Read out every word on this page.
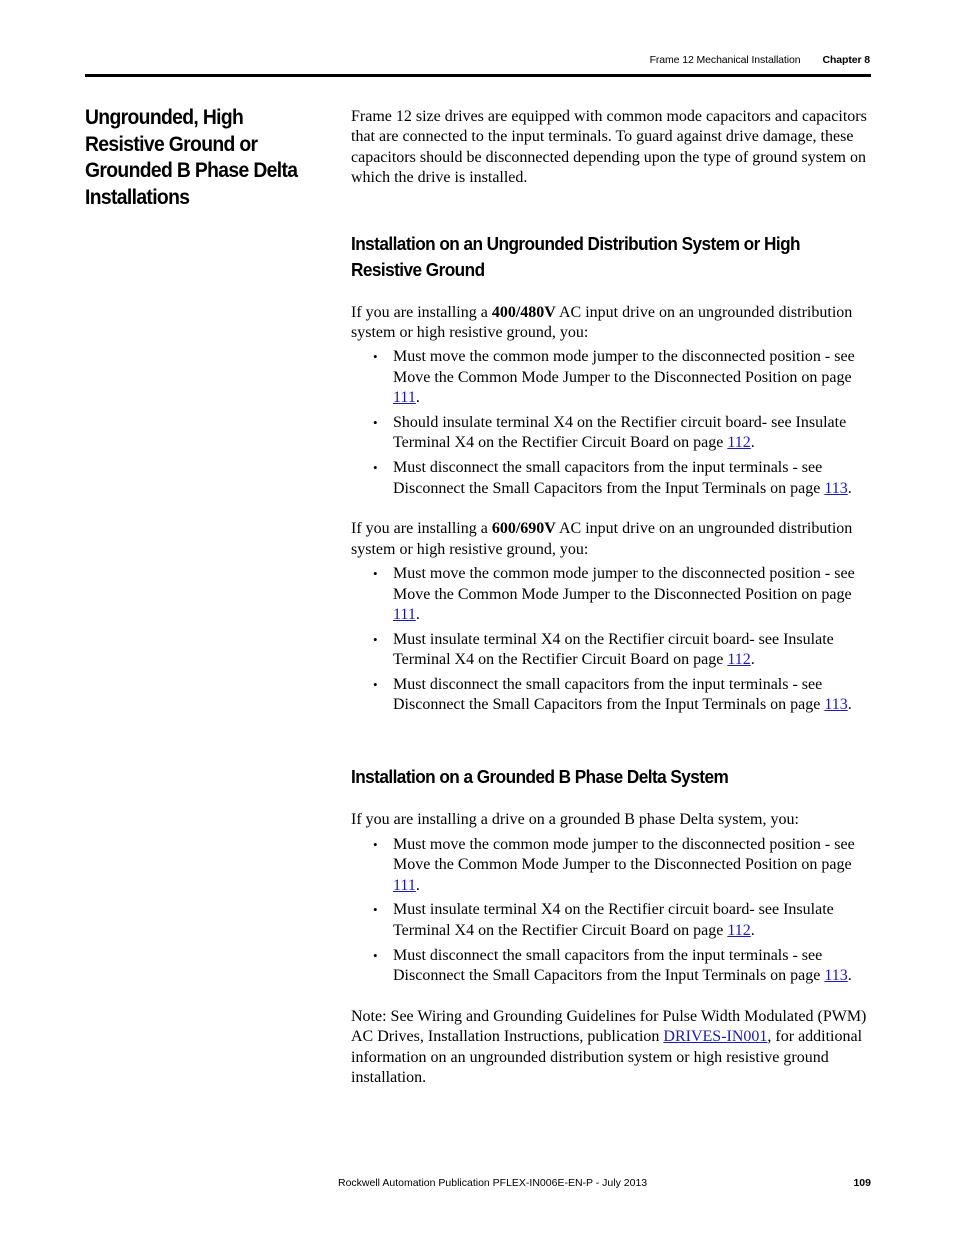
Frame 12 Mechanical Installation Chapter 8
Ungrounded, High Resistive Ground or Grounded B Phase Delta Installations

Frame 12 size drives are equipped with common mode capacitors and capacitors that are connected to the input terminals. To guard against drive damage, these capacitors should be disconnected depending upon the type of ground system on which the drive is installed.

Installation on an Ungrounded Distribution System or High Resistive Ground

If you are installing a 400/480V AC input drive on an ungrounded distribution system or high resistive ground, you:

• Must move the common mode jumper to the disconnected position - see Move the Common Mode Jumper to the Disconnected Position on page 111.
• Should insulate terminal X4 on the Rectifier circuit board- see Insulate Terminal X4 on the Rectifier Circuit Board on page 112.
• Must disconnect the small capacitors from the input terminals - see Disconnect the Small Capacitors from the Input Terminals on page 113.

If you are installing a 600/690V AC input drive on an ungrounded distribution system or high resistive ground, you:

• Must move the common mode jumper to the disconnected position - see Move the Common Mode Jumper to the Disconnected Position on page 111.
• Must insulate terminal X4 on the Rectifier circuit board- see Insulate Terminal X4 on the Rectifier Circuit Board on page 112.
• Must disconnect the small capacitors from the input terminals - see Disconnect the Small Capacitors from the Input Terminals on page 113.
Installation on a Grounded B Phase Delta System

If you are installing a drive on a grounded B phase Delta system, you:

• Must move the common mode jumper to the disconnected position - see Move the Common Mode Jumper to the Disconnected Position on page 111.
• Must insulate terminal X4 on the Rectifier circuit board- see Insulate Terminal X4 on the Rectifier Circuit Board on page 112.
• Must disconnect the small capacitors from the input terminals - see Disconnect the Small Capacitors from the Input Terminals on page 113.

Note: See Wiring and Grounding Guidelines for Pulse Width Modulated (PWM) AC Drives, Installation Instructions, publication DRIVES-IN001, for additional information on an ungrounded distribution system or high resistive ground installation.

Rockwell Automation Publication PFLEX-IN006E-EN-P - July 2013	109
